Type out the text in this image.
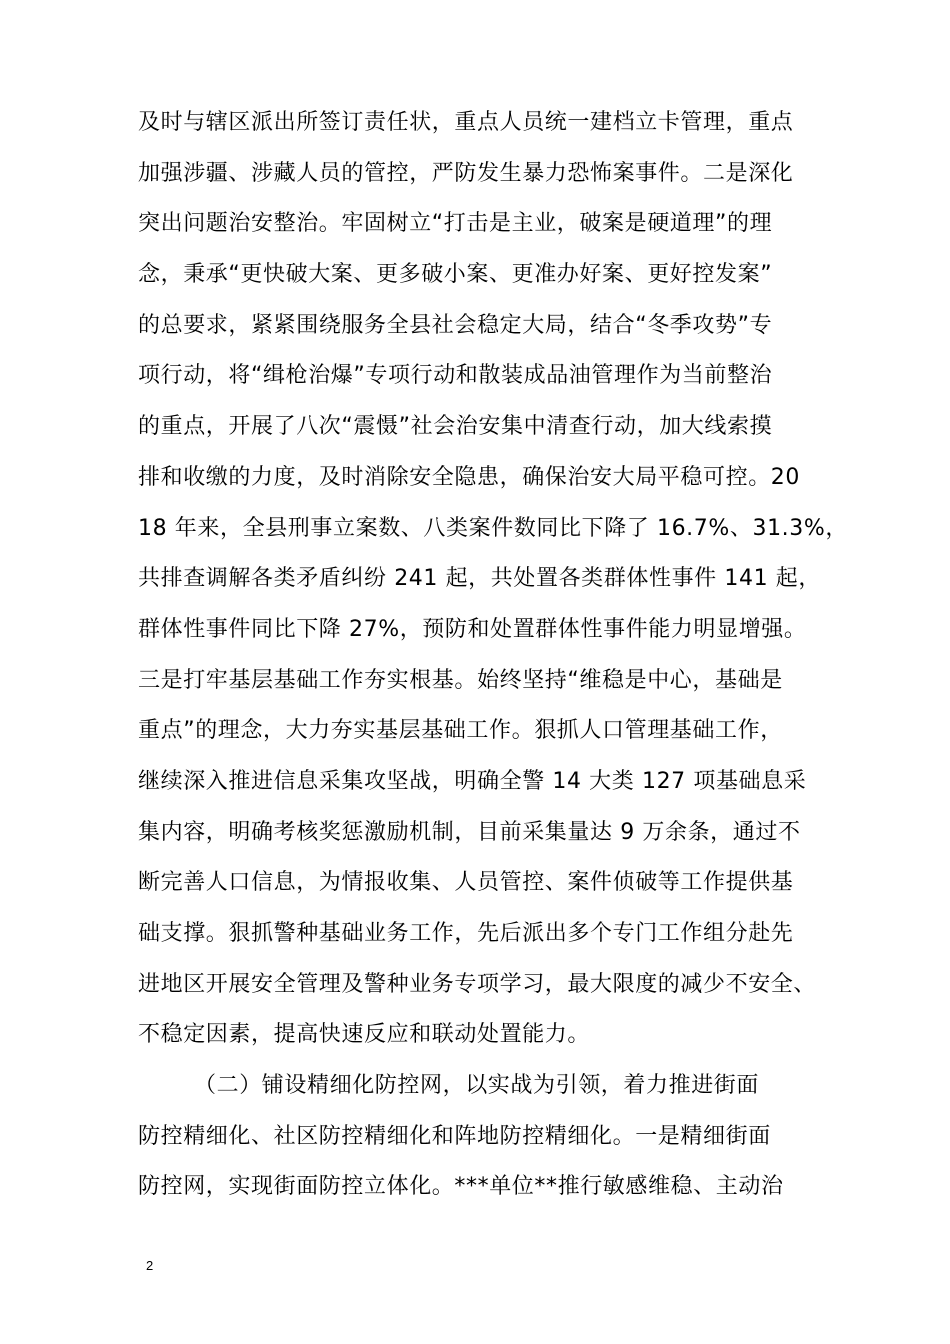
及时与辖区派出所签订责任状，重点人员统一建档立卡管理，重点
加强涉疆、涉藏人员的管控，严防发生暴力恐怖案事件。二是深化
突出问题治安整治。牢固树立“打击是主业，破案是硬道理”的理
念，秉承“更快破大案、更多破小案、更准办好案、更好控发案”
的总要求，紧紧围绕服务全县社会稳定大局，结合“冬季攻势”专
项行动，将“缉枪治爆”专项行动和散装成品油管理作为当前整治
的重点，开展了八次“震慑”社会治安集中清查行动，加大线索摸
排和收缴的力度，及时消除安全隐患，确保治安大局平稳可控。20
18 年来，全县刑事立案数、八类案件数同比下降了 16.7%、31.3%，
共排查调解各类矛盾纠纷 241 起，共处置各类群体性事件 141 起，
群体性事件同比下降 27%，预防和处置群体性事件能力明显增强。
三是打牢基层基础工作夯实根基。始终坚持“维稳是中心，基础是
重点”的理念，大力夯实基层基础工作。狠抓人口管理基础工作，
继续深入推进信息采集攻坚战，明确全警 14 大类 127 项基础息采
集内容，明确考核奖惩激励机制，目前采集量达 9 万余条，通过不
断完善人口信息，为情报收集、人员管控、案件侦破等工作提供基
础支撑。狠抓警种基础业务工作，先后派出多个专门工作组分赴先
进地区开展安全管理及警种业务专项学习，最大限度的减少不安全、
不稳定因素，提高快速反应和联动处置能力。
（二）铺设精细化防控网，以实战为引领，着力推进街面
防控精细化、社区防控精细化和阵地防控精细化。一是精细街面
防控网，实现街面防控立体化。***单位**推行敏感维稳、主动治
2
